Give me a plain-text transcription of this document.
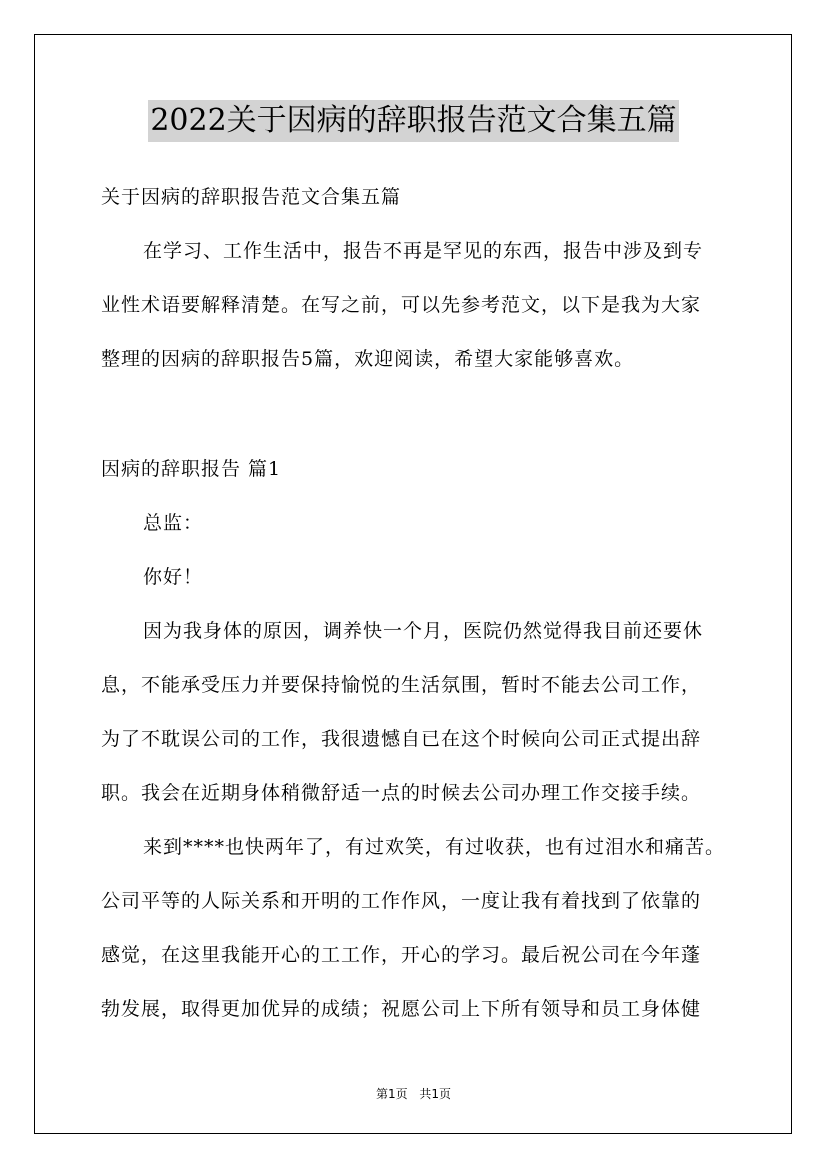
2022关于因病的辞职报告范文合集五篇
关于因病的辞职报告范文合集五篇
在学习、工作生活中，报告不再是罕见的东西，报告中涉及到专
业性术语要解释清楚。在写之前，可以先参考范文，以下是我为大家
整理的因病的辞职报告5篇，欢迎阅读，希望大家能够喜欢。
因病的辞职报告 篇1
总监：
你好！
因为我身体的原因，调养快一个月，医院仍然觉得我目前还要休
息，不能承受压力并要保持愉悦的生活氛围，暂时不能去公司工作，
为了不耽误公司的工作，我很遗憾自已在这个时候向公司正式提出辞
职。我会在近期身体稍微舒适一点的时候去公司办理工作交接手续。
来到****也快两年了，有过欢笑，有过收获，也有过泪水和痛苦。
公司平等的人际关系和开明的工作作风，一度让我有着找到了依靠的
感觉，在这里我能开心的工工作，开心的学习。最后祝公司在今年蓬
勃发展，取得更加优异的成绩；祝愿公司上下所有领导和员工身体健
第1页 共1页
